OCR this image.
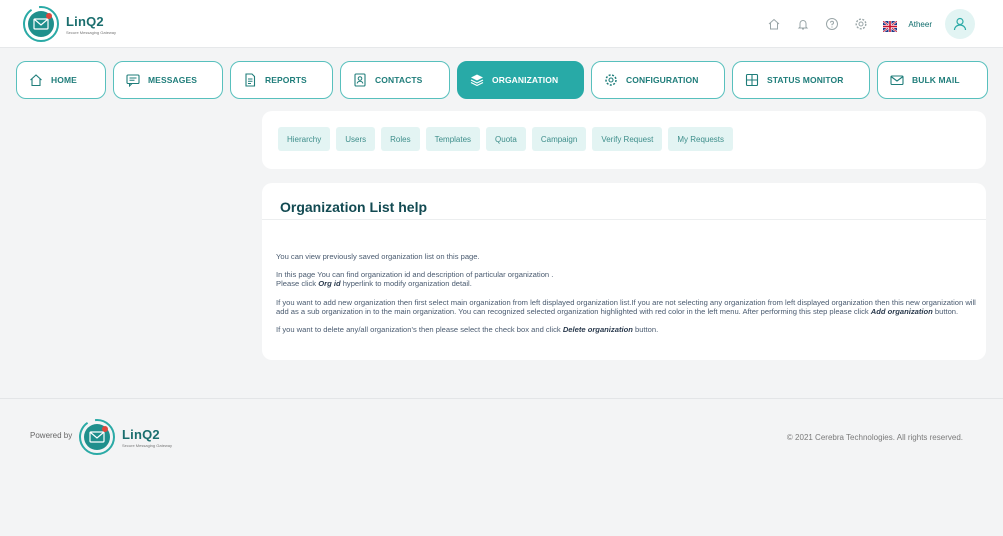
LinQ2
Secure Messaging Gateway
Atheer
HOME	MESSAGES	REPORTS	CONTACTS	ORGANIZATION	CONFIGURATION	STATUS MONITOR	BULK MAIL
Hierarchy	Users	Roles	Templates	Quota	Campaign	Verify Request	My Requests
Organization List help

You can view previously saved organization list on this page.

In this page You can find organization id and description of particular organization .
Please click Org id hyperlink to modify organization detail.

If you want to add new organization then first select main organization from left displayed organization list.If you are not selecting any organization from left displayed organization then this new organization will add as a sub organization in to the main organization. You can recognized selected organization highlighted with red color in the left menu. After performing this step please click Add organization button.

If you want to delete any/all organization's then please select the check box and click Delete organization button.

Powered by	LinQ2
Secure Messaging Gateway
© 2021 Cerebra Technologies. All rights reserved.
